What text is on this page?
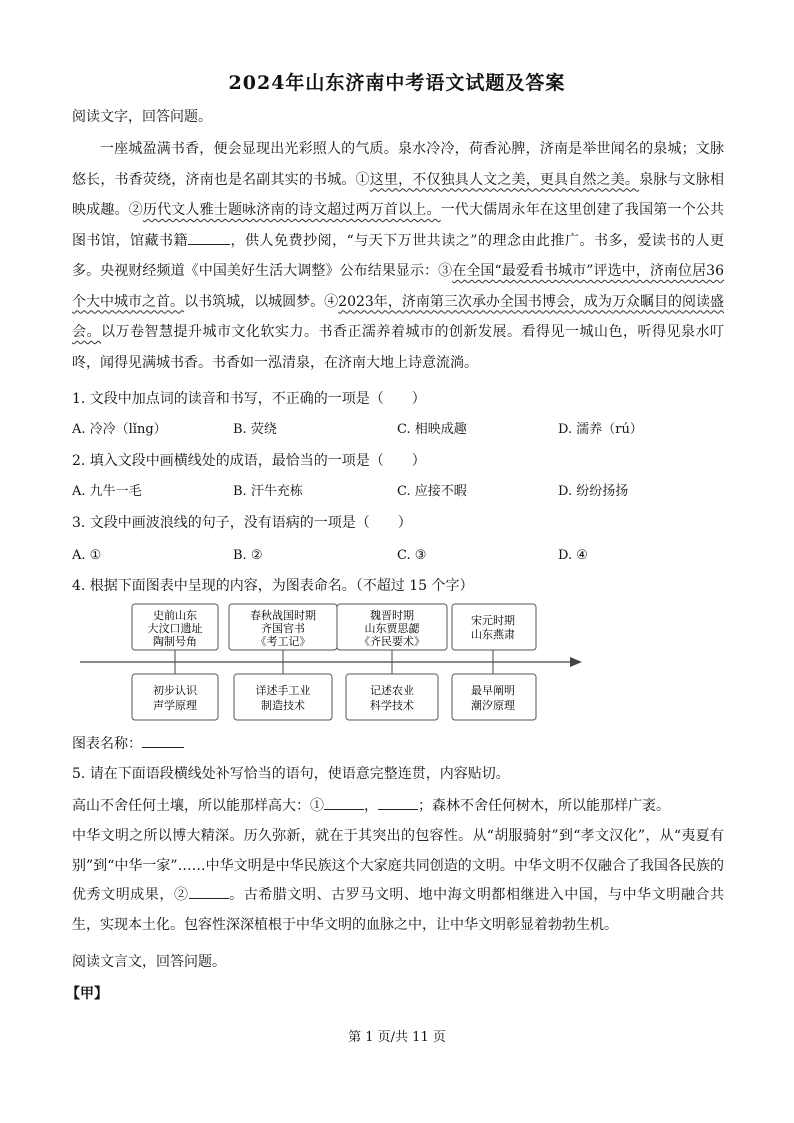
2024年山东济南中考语文试题及答案
阅读文字，回答问题。

一座城盈满书香，便会显现出光彩照人的气质。泉水冷冷，荷香沁脾，济南是举世闻名的泉城；文脉悠长，书香荧绕，济南也是名副其实的书城。①这里，不仅独具人文之美，更具自然之美。泉脉与文脉相映成趣。②历代文人雅士题咏济南的诗文超过两万首以上。一代大儒周永年在这里创建了我国第一个公共图书馆，馆藏书籍	，供人免费抄阅，“与天下万世共读之”的理念由此推广。书多，爱读书的人更多。央视财经频道《中国美好生活大调整》公布结果显示：③在全国“最爱看书城市”评选中，济南位居36个大中城市之首。以书筑城，以城圆梦。④2023年，济南第三次承办全国书博会，成为万众瞩目的阅读盛会。以万卷智慧提升城市文化软实力。书香正濡养着城市的创新发展。看得见一城山色，听得见泉水叮咚，闻得见满城书香。书香如一泓清泉，在济南大地上诗意流淌。

1. 文段中加点词的读音和书写，不正确的一项是（　　）
A. 冷冷（lǐng）	B. 荧绕	C. 相映成趣	D. 濡养（rú）
2. 填入文段中画横线处的成语，最恰当的一项是（　　）
A. 九牛一毛	B. 汗牛充栋	C. 应接不暇	D. 纷纷扬扬
3. 文段中画波浪线的句子，没有语病的一项是（　　）
A. ①	B. ②	C. ③	D. ④
4. 根据下面图表中呈现的内容，为图表命名。（不超过 15 个字）
史前山东
大汶口遗址
陶制号角
春秋战国时期
齐国官书
《考工记》
魏晋时期
山东贾思勰
《齐民要术》
宋元时期
山东燕肃
初步认识
声学原理
详述手工业
制造技术
记述农业
科学技术
最早阐明
潮汐原理
图表名称：
5. 请在下面语段横线处补写恰当的语句，使语意完整连贯，内容贴切。
高山不舍任何土壤，所以能那样高大：①	，	；森林不舍任何树木，所以能那样广袤。
中华文明之所以博大精深。历久弥新，就在于其突出的包容性。从“胡服骑射”到“孝文汉化”，从“夷夏有别”到“中华一家”……中华文明是中华民族这个大家庭共同创造的文明。中华文明不仅融合了我国各民族的优秀文明成果，②	。古希腊文明、古罗马文明、地中海文明都相继进入中国，与中华文明融合共生，实现本土化。包容性深深植根于中华文明的血脉之中，让中华文明彰显着勃勃生机。
阅读文言文，回答问题。
【甲】
第 1 页/共 11 页
